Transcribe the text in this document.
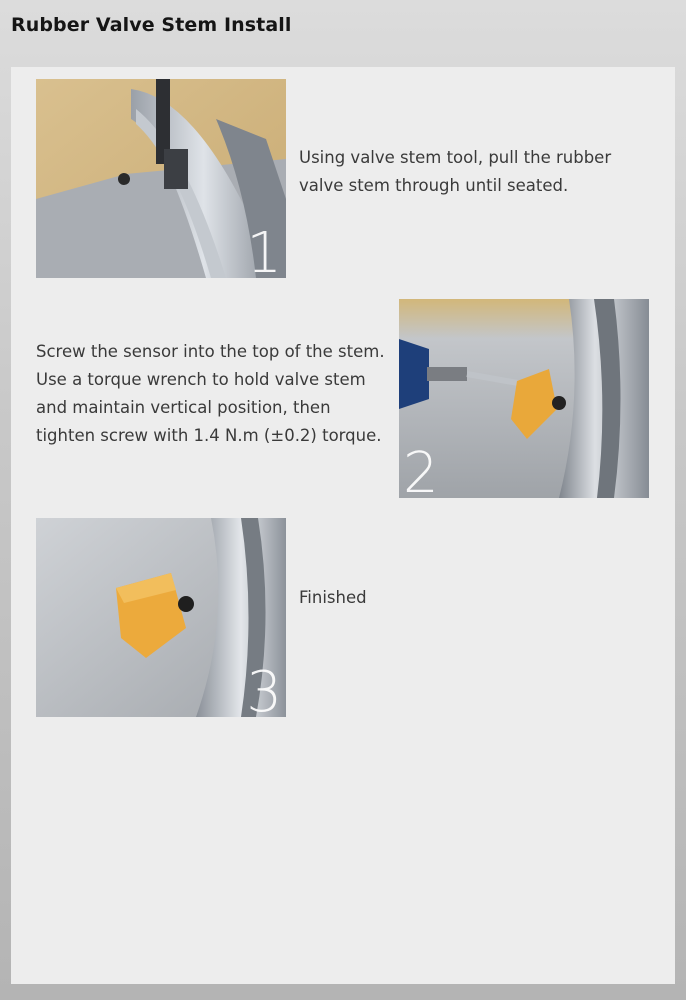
Rubber Valve Stem Install
1
Using valve stem tool, pull the rubber valve stem through until seated.
Screw the sensor into the top of the stem. Use a torque wrench to hold valve stem and maintain vertical position, then tighten screw with 1.4 N.m (±0.2) torque.
2
3
Finished
